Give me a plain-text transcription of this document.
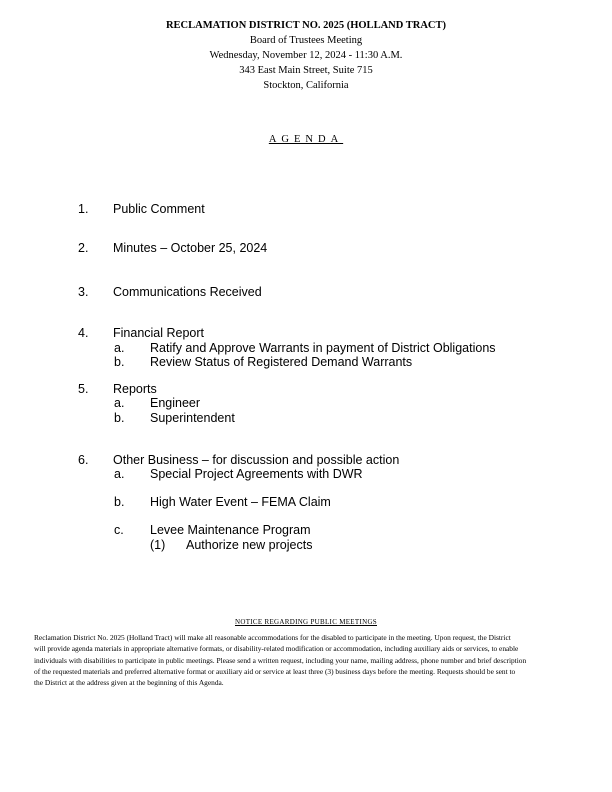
RECLAMATION DISTRICT NO. 2025 (HOLLAND TRACT)
Board of Trustees Meeting
Wednesday, November 12, 2024 - 11:30 A.M.
343 East Main Street, Suite 715
Stockton, California
AGENDA
1. Public Comment
2. Minutes – October 25, 2024
3. Communications Received
4. Financial Report
a. Ratify and Approve Warrants in payment of District Obligations
b. Review Status of Registered Demand Warrants
5. Reports
a. Engineer
b. Superintendent
6. Other Business – for discussion and possible action
a. Special Project Agreements with DWR
b. High Water Event – FEMA Claim
c. Levee Maintenance Program
(1) Authorize new projects
NOTICE REGARDING PUBLIC MEETINGS
Reclamation District No. 2025 (Holland Tract) will make all reasonable accommodations for the disabled to participate in the meeting. Upon request, the District
will provide agenda materials in appropriate alternative formats, or disability-related modification or accommodation, including auxiliary aids or services, to enable
individuals with disabilities to participate in public meetings. Please send a written request, including your name, mailing address, phone number and brief description
of the requested materials and preferred alternative format or auxiliary aid or service at least three (3) business days before the meeting. Requests should be sent to
the District at the address given at the beginning of this Agenda.
